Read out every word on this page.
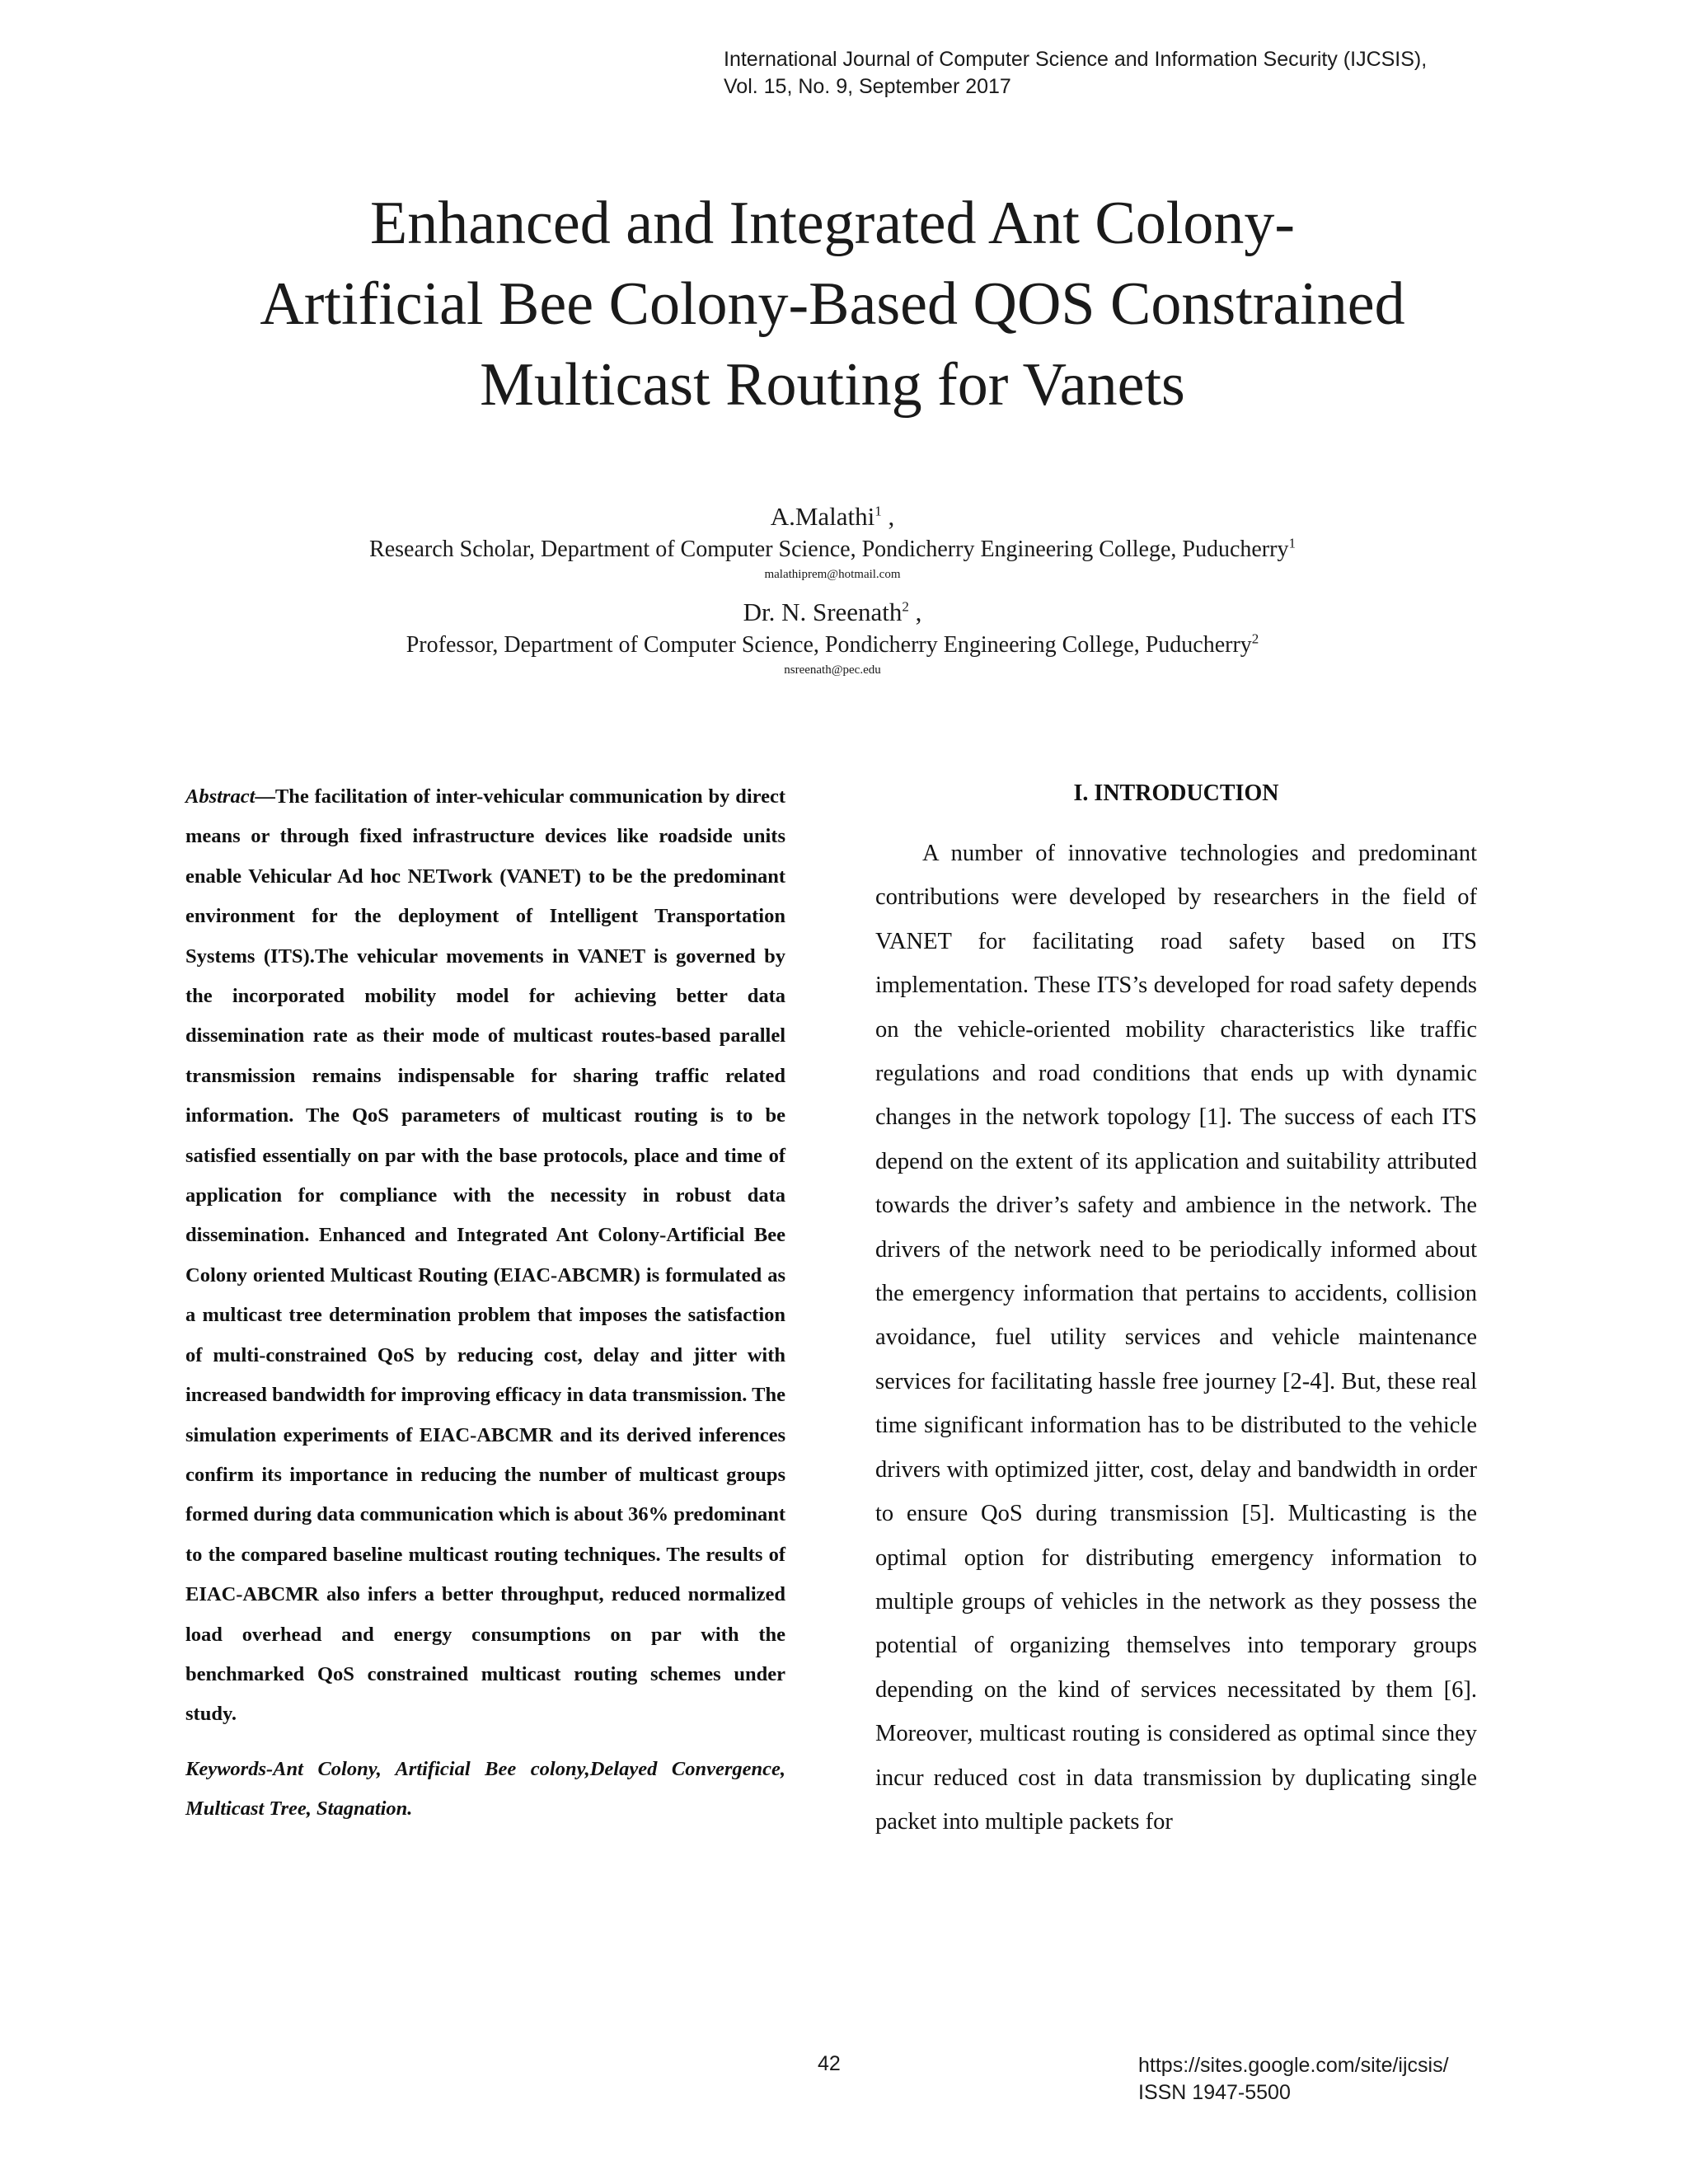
International Journal of Computer Science and Information Security (IJCSIS),
Vol. 15, No. 9, September 2017
Enhanced and Integrated Ant Colony-
Artificial Bee Colony-Based QOS Constrained
Multicast Routing for Vanets
A.Malathi$^1$ ,
Research Scholar, Department of Computer Science, Pondicherry Engineering College, Puducherry$^1$
malathiprem@hotmail.com
Dr. N. Sreenath$^2$ ,
Professor, Department of Computer Science, Pondicherry Engineering College, Puducherry$^2$
nsreenath@pec.edu

Abstract—The facilitation of inter-vehicular communication by direct means or through fixed infrastructure devices like roadside units enable Vehicular Ad hoc NETwork (VANET) to be the predominant environment for the deployment of Intelligent Transportation Systems (ITS).The vehicular movements in VANET is governed by the incorporated mobility model for achieving better data dissemination rate as their mode of multicast routes-based parallel transmission remains indispensable for sharing traffic related information. The QoS parameters of multicast routing is to be satisfied essentially on par with the base protocols, place and time of application for compliance with the necessity in robust data dissemination. Enhanced and Integrated Ant Colony-Artificial Bee Colony oriented Multicast Routing (EIAC-ABCMR) is formulated as a multicast tree determination problem that imposes the satisfaction of multi-constrained QoS by reducing cost, delay and jitter with increased bandwidth for improving efficacy in data transmission. The simulation experiments of EIAC-ABCMR and its derived inferences confirm its importance in reducing the number of multicast groups formed during data communication which is about 36% predominant to the compared baseline multicast routing techniques. The results of EIAC-ABCMR also infers a better throughput, reduced normalized load overhead and energy consumptions on par with the benchmarked QoS constrained multicast routing schemes under study.

Keywords-Ant Colony, Artificial Bee colony,Delayed Convergence, Multicast Tree, Stagnation.

I. INTRODUCTION

A number of innovative technologies and predominant contributions were developed by researchers in the field of VANET for facilitating road safety based on ITS implementation. These ITS’s developed for road safety depends on the vehicle-oriented mobility characteristics like traffic regulations and road conditions that ends up with dynamic changes in the network topology [1]. The success of each ITS depend on the extent of its application and suitability attributed towards the driver’s safety and ambience in the network. The drivers of the network need to be periodically informed about the emergency information that pertains to accidents, collision avoidance, fuel utility services and vehicle maintenance services for facilitating hassle free journey [2-4]. But, these real time significant information has to be distributed to the vehicle drivers with optimized jitter, cost, delay and bandwidth in order to ensure QoS during transmission [5]. Multicasting is the optimal option for distributing emergency information to multiple groups of vehicles in the network as they possess the potential of organizing themselves into temporary groups depending on the kind of services necessitated by them [6]. Moreover, multicast routing is considered as optimal since they incur reduced cost in data transmission by duplicating single packet into multiple packets for

42	https://sites.google.com/site/ijcsis/
ISSN 1947-5500
